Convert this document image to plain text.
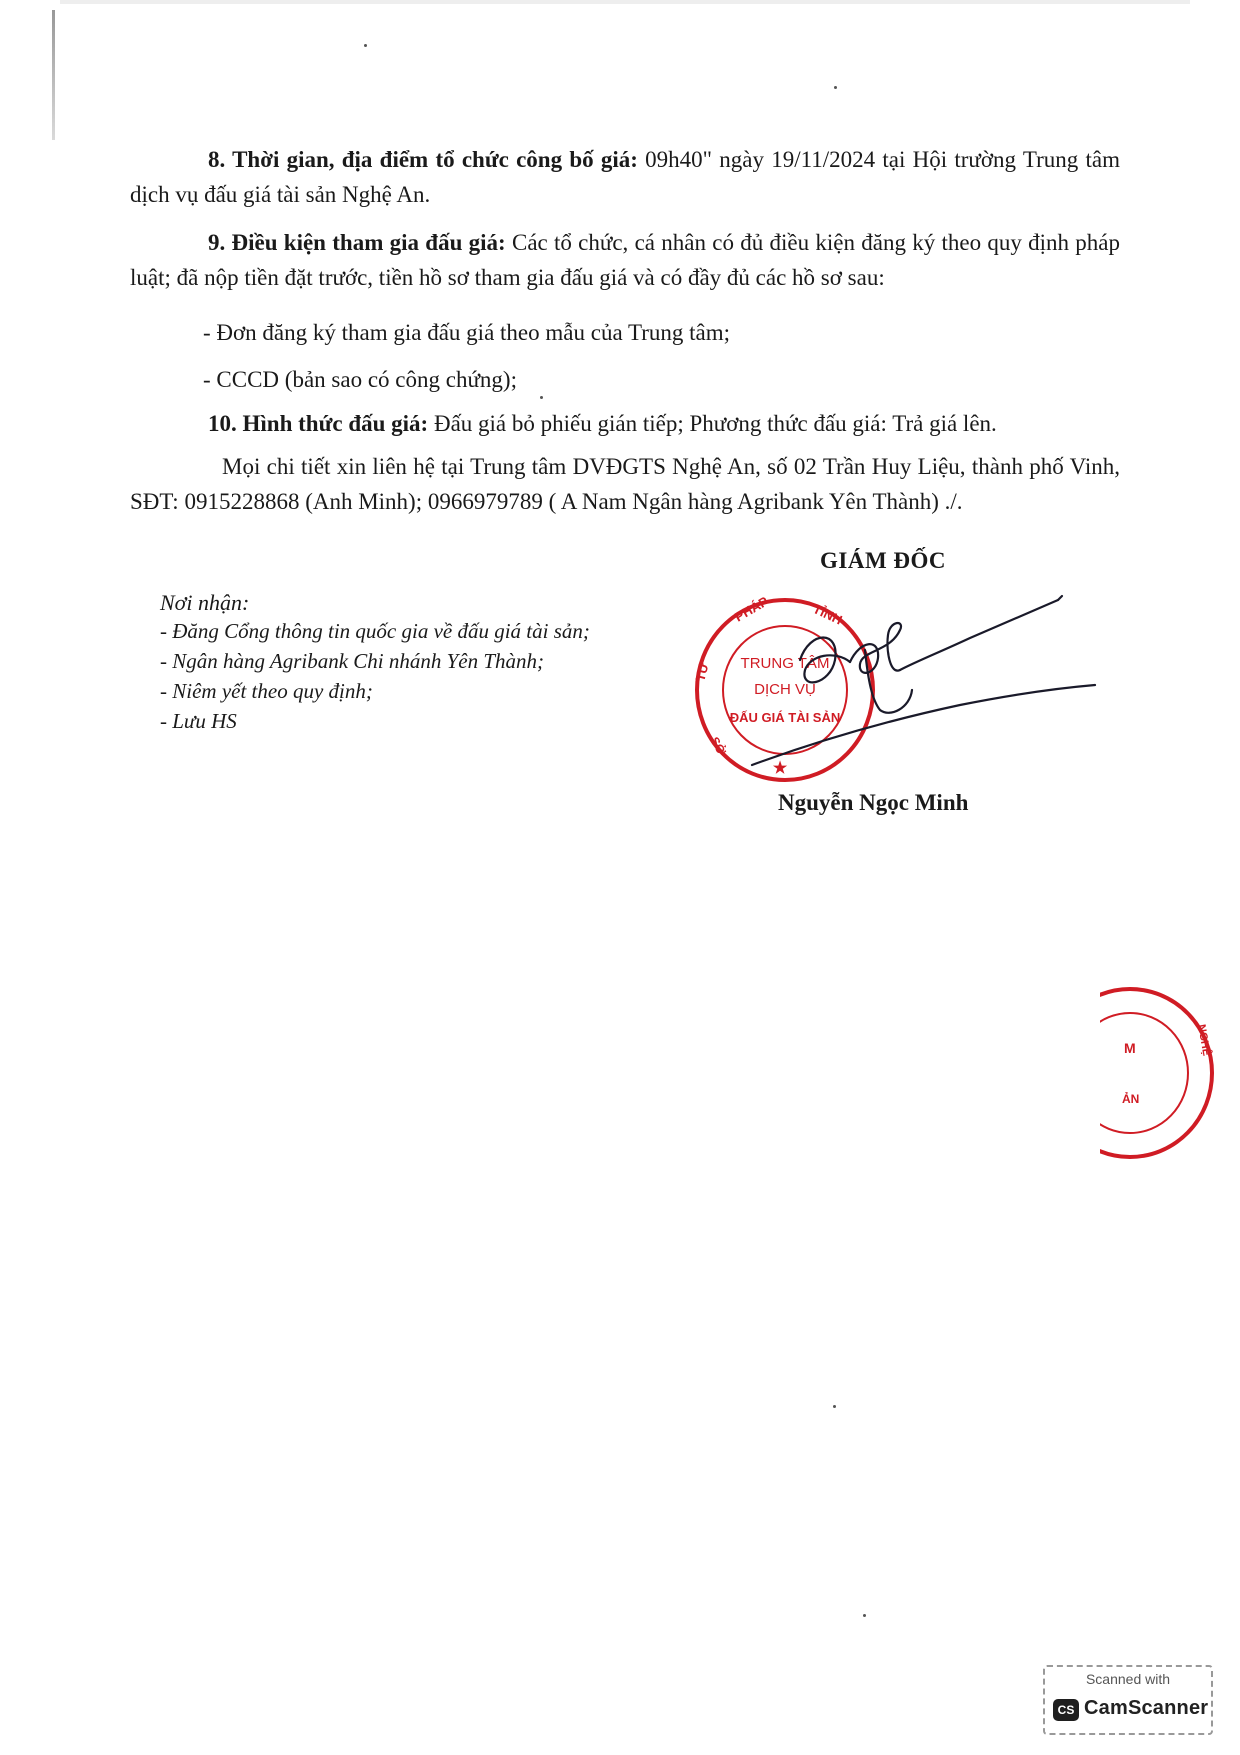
8. Thời gian, địa điểm tổ chức công bố giá: 09h40" ngày 19/11/2024 tại Hội trường Trung tâm dịch vụ đấu giá tài sản Nghệ An.
9. Điều kiện tham gia đấu giá: Các tổ chức, cá nhân có đủ điều kiện đăng ký theo quy định pháp luật; đã nộp tiền đặt trước, tiền hồ sơ tham gia đấu giá và có đầy đủ các hồ sơ sau:
- Đơn đăng ký tham gia đấu giá theo mẫu của Trung tâm;
- CCCD (bản sao có công chứng);
10. Hình thức đấu giá: Đấu giá bỏ phiếu gián tiếp; Phương thức đấu giá: Trả giá lên.
Mọi chi tiết xin liên hệ tại Trung tâm DVĐGTS Nghệ An, số 02 Trần Huy Liệu, thành phố Vinh, SĐT: 0915228868 (Anh Minh); 0966979789 ( A Nam Ngân hàng Agribank Yên Thành) ./.
GIÁM ĐỐC
Nơi nhận:
- Đăng Cổng thông tin quốc gia về đấu giá tài sản;
- Ngân hàng Agribank Chi nhánh Yên Thành;
- Niêm yết theo quy định;
- Lưu HS
PHÁP	TỈNH
TƯ
SỞ
TRUNG TÂM
DỊCH VỤ
ĐẤU GIÁ TÀI SẢN
★
Nguyễn Ngọc Minh
M	NGHỆ
ẢN
Scanned with
CS CamScanner
